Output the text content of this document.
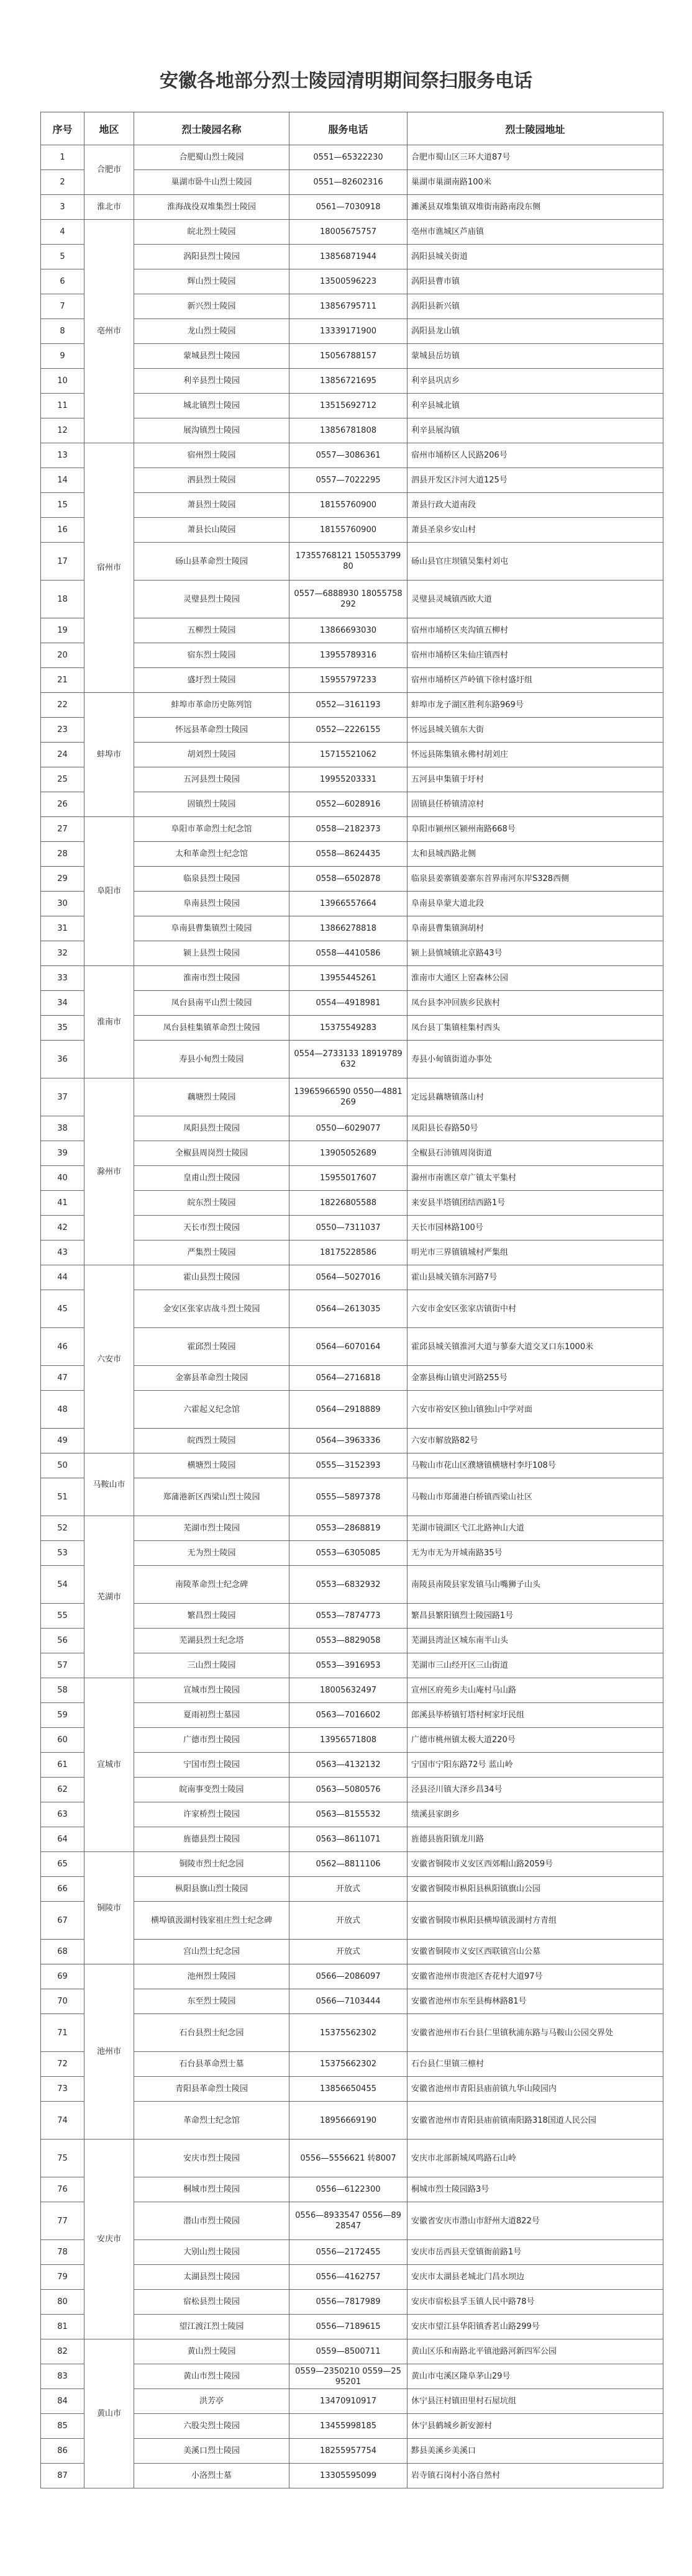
安徽各地部分烈士陵园清明期间祭扫服务电话
序号	地区	烈士陵园名称	服务电话	烈士陵园地址
1	合肥市	合肥蜀山烈士陵园	0551—65322230	合肥市蜀山区三环大道87号
2		巢湖市卧牛山烈士陵园	0551—82602316	巢湖市巢湖南路100米
3	淮北市	淮海战役双堆集烈士陵园	0561—7030918	濉溪县双堆集镇双堆街南路南段东侧
4	亳州市	皖北烈士陵园	18005675757	亳州市谯城区芦庙镇
5		涡阳县烈士陵园	13856871944	涡阳县城关街道
6		辉山烈士陵园	13500596223	涡阳县曹市镇
7		新兴烈士陵园	13856795711	涡阳县新兴镇
8		龙山烈士陵园	13339171900	涡阳县龙山镇
9		蒙城县烈士陵园	15056788157	蒙城县岳坊镇
10		利辛县烈士陵园	13856721695	利辛县巩店乡
11		城北镇烈士陵园	13515692712	利辛县城北镇
12		展沟镇烈士陵园	13856781808	利辛县展沟镇
13	宿州市	宿州烈士陵园	0557—3086361	宿州市埇桥区人民路206号
14		泗县烈士陵园	0557—7022295	泗县开发区汴河大道125号
15		萧县烈士陵园	18155760900	萧县行政大道南段
16		萧县长山陵园	18155760900	萧县圣泉乡安山村
17		砀山县革命烈士陵园	17355768121 15055379980	砀山县官庄坝镇吴集村刘屯
18		灵璧县烈士陵园	0557—6888930 18055758292	灵璧县灵城镇西欧大道
19		五柳烈士陵园	13866693030	宿州市埇桥区夹沟镇五柳村
20		宿东烈士陵园	13955789316	宿州市埇桥区朱仙庄镇西村
21		盛圩烈士陵园	15955797233	宿州市埇桥区芦岭镇下徐村盛圩组
22	蚌埠市	蚌埠市革命历史陈列馆	0552—3161193	蚌埠市龙子湖区胜利东路969号
23		怀远县革命烈士陵园	0552—2226155	怀远县城关镇东大街
24		胡刘烈士陵园	15715521062	怀远县陈集镇永佛村胡刘庄
25		五河县烈士陵园	19955203331	五河县申集镇于圩村
26		固镇烈士陵园	0552—6028916	固镇县任桥镇清凉村
27	阜阳市	阜阳市革命烈士纪念馆	0558—2182373	阜阳市颍州区颍州南路668号
28		太和革命烈士纪念馆	0558—8624435	太和县城西路北侧
29		临泉县烈士陵园	0558—6502878	临泉县姜寨镇姜寨东首界南河东岸S328西侧
30		阜南县烈士陵园	13966557664	阜南县阜蒙大道北段
31		阜南县曹集镇烈士陵园	13866278818	阜南县曹集镇涧胡村
32		颍上县烈士陵园	0558—4410586	颍上县慎城镇北京路43号
33	淮南市	淮南市烈士陵园	13955445261	淮南市大通区上窑森林公园
34		凤台县南平山烈士陵园	0554—4918981	凤台县李冲回族乡民族村
35		凤台县桂集镇革命烈士陵园	15375549283	凤台县丁集镇桂集村西头
36		寿县小甸烈士陵园	0554—2733133 18919789632	寿县小甸镇街道办事处
37	滁州市	藕塘烈士陵园	13965966590 0550—4881269	定远县藕塘镇落山村
38		凤阳县烈士陵园	0550—6029077	凤阳县长春路50号
39		全椒县周岗烈士陵园	13905052689	全椒县石沛镇周岗街道
40		皇甫山烈士陵园	15955017607	滁州市南谯区章广镇太平集村
41		皖东烈士陵园	18226805588	来安县半塔镇团结西路1号
42		天长市烈士陵园	0550—7311037	天长市园林路100号
43		严集烈士陵园	18175228586	明光市三界镇镇城村严集组
44	六安市	霍山县烈士陵园	0564—5027016	霍山县城关镇东河路7号
45		金安区张家店战斗烈士陵园	0564—2613035	六安市金安区张家店镇街中村
46		霍邱烈士陵园	0564—6070164	霍邱县城关镇淮河大道与蓼泰大道交叉口东1000米
47		金寨县革命烈士陵园	0564—2716818	金寨县梅山镇史河路255号
48		六霍起义纪念馆	0564—2918889	六安市裕安区独山镇独山中学对面
49		皖西烈士陵园	0564—3963336	六安市解放路82号
50	马鞍山市	横塘烈士陵园	0555—3152393	马鞍山市花山区濮塘镇横塘村李圩108号
51		郑蒲港新区西梁山烈士陵园	0555—5897378	马鞍山市郑蒲港白桥镇西梁山社区
52	芜湖市	芜湖市烈士陵园	0553—2868819	芜湖市镜湖区弋江北路神山大道
53		无为烈士陵园	0553—6305085	无为市无为开城南路35号
54		南陵革命烈士纪念碑	0553—6832932	南陵县南陵县家发镇马山嘴狮子山头
55		繁昌烈士陵园	0553—7874773	繁昌县繁阳镇烈士陵园路1号
56		芜湖县烈士纪念塔	0553—8829058	芜湖县湾沚区城东南半山头
57		三山烈士陵园	0553—3916953	芜湖市三山经开区三山街道
58	宣城市	宣城市烈士陵园	18005632497	宣州区府苑乡夫山庵村马山路
59		夏雨初烈士墓园	0563—7016602	郎溪县毕桥镇钉塔村柯家圩民组
60		广德市烈士陵园	13956571808	广德市桃州镇太极大道220号
61		宁国市烈士陵园	0563—4132132	宁国市宁阳东路72号 蓝山岭
62		皖南事变烈士陵园	0563—5080576	泾县泾川镇大泽乡昌34号
63		许家桥烈士陵园	0563—8155532	绩溪县家朗乡
64		旌德县烈士陵园	0563—8611071	旌德县旌阳镇龙川路
65	铜陵市	铜陵市烈士纪念园	0562—8811106	安徽省铜陵市义安区西郊帽山路2059号
66		枞阳县旗山烈士陵园	开放式	安徽省铜陵市枞阳县枞阳镇旗山公园
67		横埠镇汲湖村钱家祖庄烈士纪念碑	开放式	安徽省铜陵市枞阳县横埠镇汲湖村方青组
68		宫山烈士纪念园	开放式	安徽省铜陵市义安区西联镇宫山公墓
69	池州市	池州烈士陵园	0566—2086097	安徽省池州市贵池区杏花村大道97号
70		东至烈士陵园	0566—7103444	安徽省池州市东至县梅林路81号
71		石台县烈士纪念园	15375562302	安徽省池州市石台县仁里镇秋浦东路与马鞍山公园交界处
72		石台县革命烈士墓	15375662302	石台县仁里镇三檩村
73		青阳县革命烈士陵园	13856650455	安徽省池州市青阳县庙前镇九华山陵园内
74		革命烈士纪念馆	18956669190	安徽省池州市青阳县庙前镇南阳路318国道人民公园
75	安庆市	安庆市烈士陵园	0556—5556621 转8007	安庆市北部新城凤鸣路石山岭
76		桐城市烈士陵园	0556—6122300	桐城市烈士陵园路3号
77		潜山市烈士陵园	0556—8933547 0556—8928547	安徽省安庆市潜山市舒州大道822号
78		大别山烈士陵园	0556—2172455	安庆市岳西县天堂镇衙前路1号
79		太湖县烈士陵园	0556—4162757	安庆市太湖县老城北门昌水坝边
80		宿松县烈士陵园	0556—7817989	安庆市宿松县孚玉镇人民中路78号
81		望江渡江烈士陵园	0556—7189615	安庆市望江县华阳镇香茗山路299号
82	黄山市	黄山烈士陵园	0559—8500711	黄山区乐和南路北平镇池路河新四军公园
83		黄山市烈士陵园	0559—2350210 0559—2595201	黄山市屯溪区隆阜茅山29号
84		洪芳亭	13470910917	休宁县汪村镇田里村石屋坑组
85		六股尖烈士陵园	13455998185	休宁县鹤城乡新安源村
86		美溪口烈士陵园	18255957754	黟县美溪乡美溪口
87		小洛烈士墓	13305595099	岩寺镇石岗村小洛自然村
